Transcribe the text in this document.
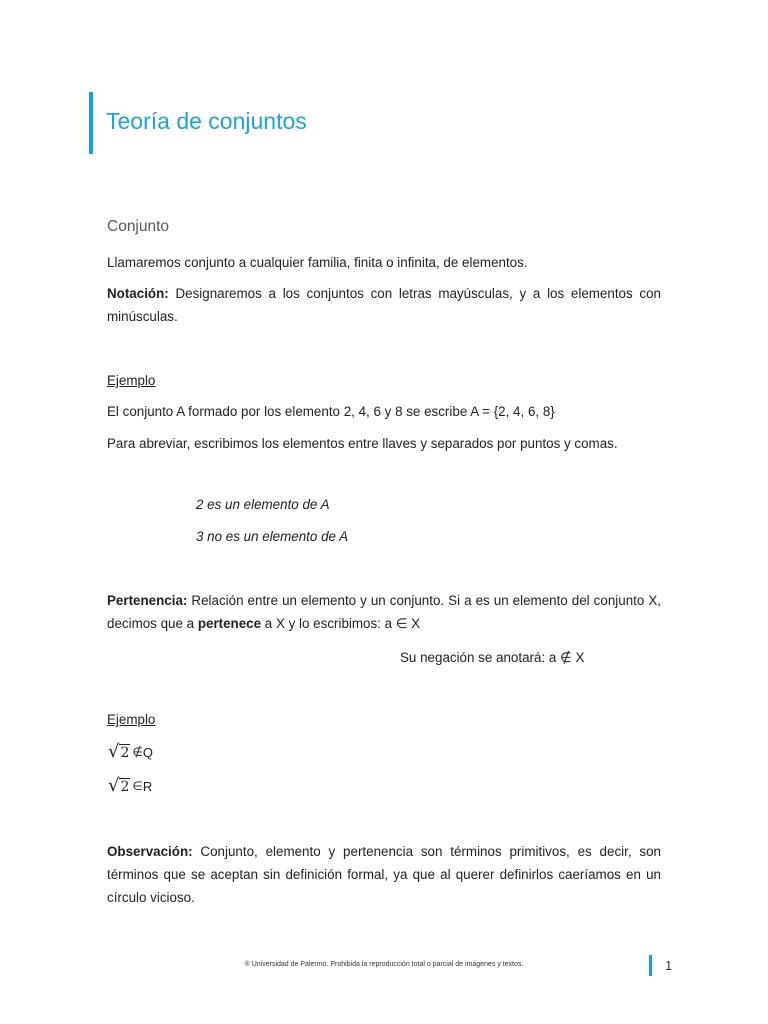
Teoría de conjuntos
Conjunto
Llamaremos conjunto a cualquier familia, finita o infinita, de elementos.
Notación: Designaremos a los conjuntos con letras mayúsculas, y a los elementos con minúsculas.
Ejemplo
El conjunto A formado por los elemento 2, 4, 6 y 8 se escribe A = {2, 4, 6, 8}
Para abreviar, escribimos los elementos entre llaves y separados por puntos y comas.
2 es un elemento de A
3 no es un elemento de A
Pertenencia: Relación entre un elemento y un conjunto. Si a es un elemento del conjunto X, decimos que a pertenece a X y lo escribimos: a ∈ X
Su negación se anotará: a ∉ X
Ejemplo
√ 2 ∉ Q
√ 2 ∈ R
Observación: Conjunto, elemento y pertenencia son términos primitivos, es decir, son términos que se aceptan sin definición formal, ya que al querer definirlos caeríamos en un círculo vicioso.
® Universidad de Palermo. Prohibida la reproducción total o parcial de imágenes y textos.	1
